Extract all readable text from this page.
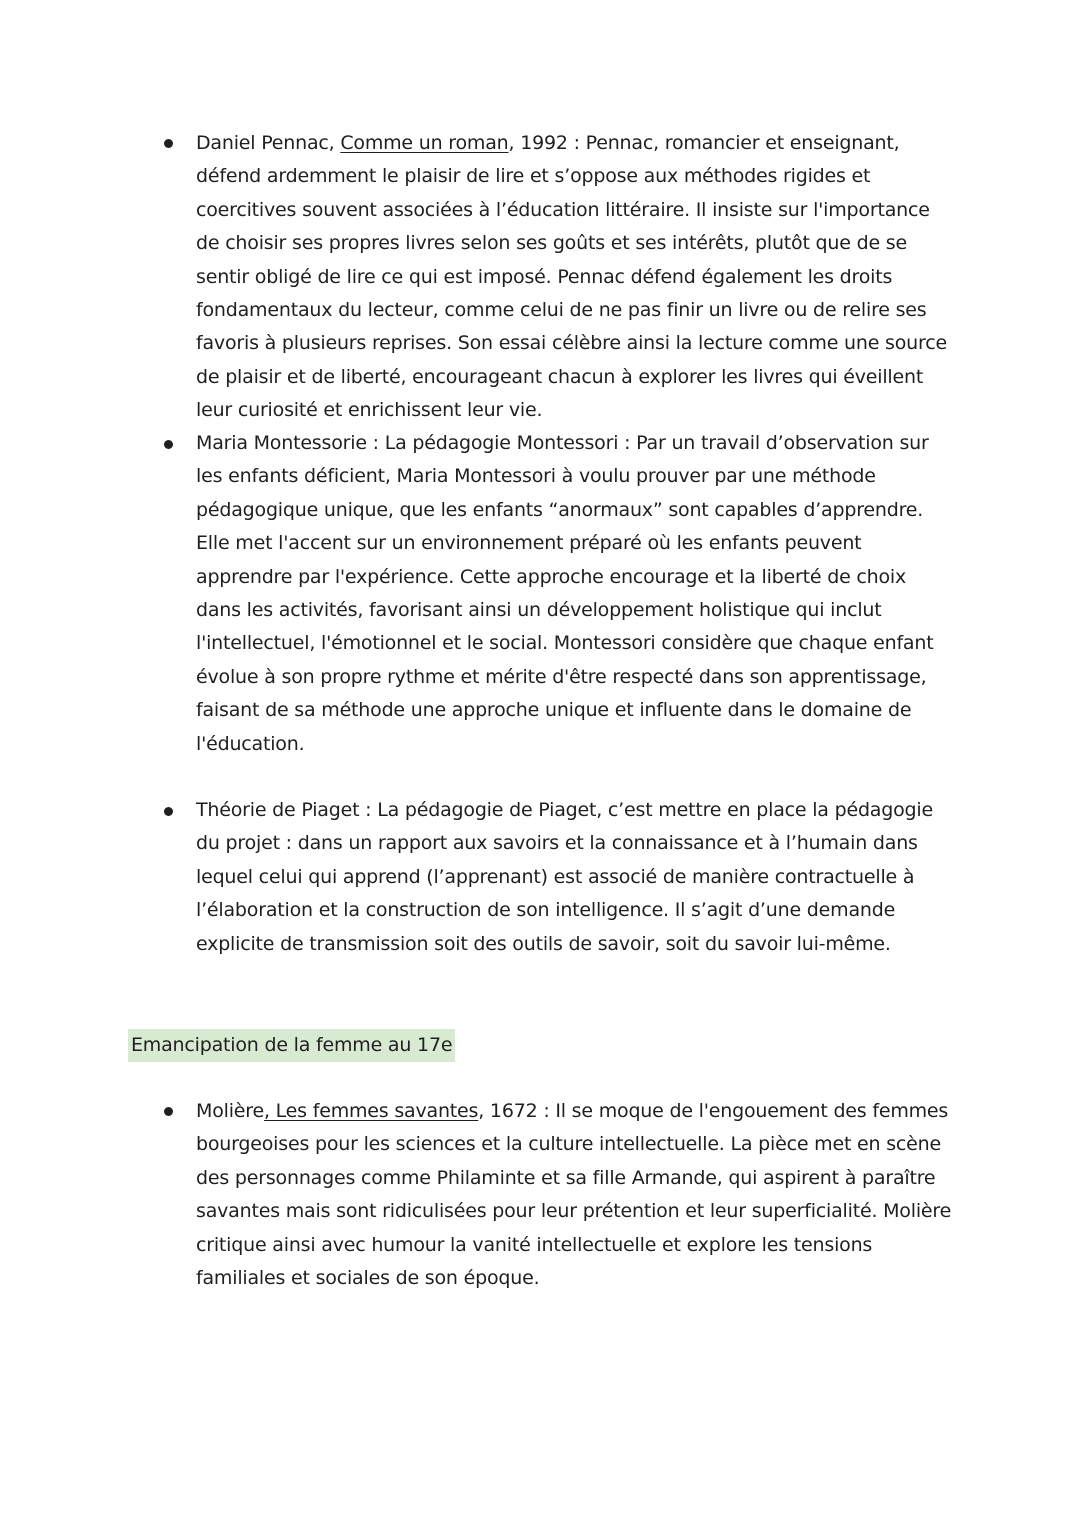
Daniel Pennac, Comme un roman, 1992 : Pennac, romancier et enseignant, défend ardemment le plaisir de lire et s’oppose aux méthodes rigides et coercitives souvent associées à l’éducation littéraire. Il insiste sur l'importance de choisir ses propres livres selon ses goûts et ses intérêts, plutôt que de se sentir obligé de lire ce qui est imposé. Pennac défend également les droits fondamentaux du lecteur, comme celui de ne pas finir un livre ou de relire ses favoris à plusieurs reprises. Son essai célèbre ainsi la lecture comme une source de plaisir et de liberté, encourageant chacun à explorer les livres qui éveillent leur curiosité et enrichissent leur vie.
Maria Montessorie : La pédagogie Montessori : Par un travail d’observation sur les enfants déficient, Maria Montessori à voulu prouver par une méthode pédagogique unique, que les enfants “anormaux” sont capables d’apprendre. Elle met l'accent sur un environnement préparé où les enfants peuvent apprendre par l'expérience. Cette approche encourage et la liberté de choix dans les activités, favorisant ainsi un développement holistique qui inclut l'intellectuel, l'émotionnel et le social. Montessori considère que chaque enfant évolue à son propre rythme et mérite d'être respecté dans son apprentissage, faisant de sa méthode une approche unique et influente dans le domaine de l'éducation.
Théorie de Piaget : La pédagogie de Piaget, c’est mettre en place la pédagogie du projet : dans un rapport aux savoirs et la connaissance et à l’humain dans lequel celui qui apprend (l’apprenant) est associé de manière contractuelle à l’élaboration et la construction de son intelligence. Il s’agit d’une demande explicite de transmission soit des outils de savoir, soit du savoir lui-même.
Emancipation de la femme au 17e
Molière, Les femmes savantes, 1672 : Il se moque de l'engouement des femmes bourgeoises pour les sciences et la culture intellectuelle. La pièce met en scène des personnages comme Philaminte et sa fille Armande, qui aspirent à paraître savantes mais sont ridiculisées pour leur prétention et leur superficialité. Molière critique ainsi avec humour la vanité intellectuelle et explore les tensions familiales et sociales de son époque.
